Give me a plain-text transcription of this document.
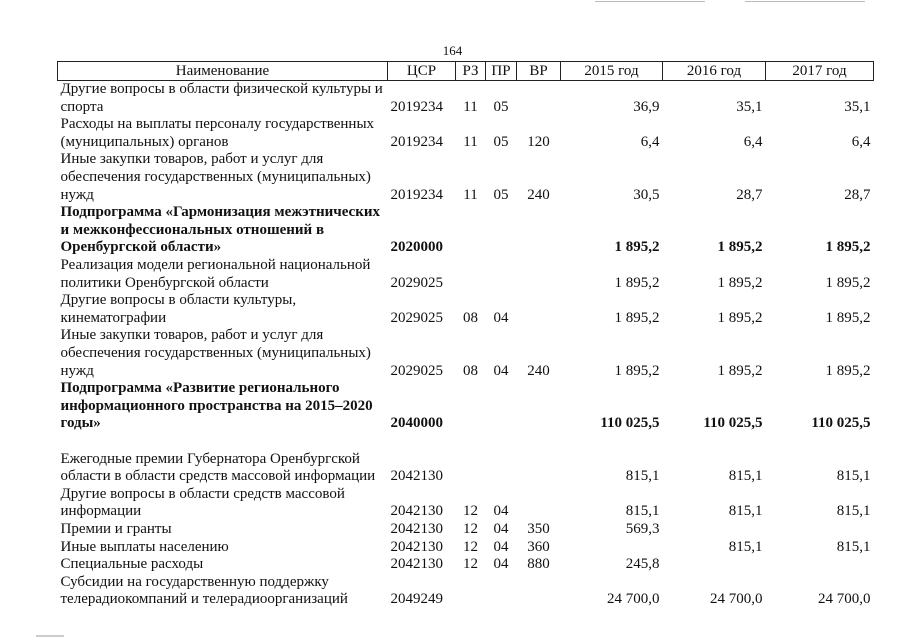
164
Наименование	ЦСР	РЗ	ПР	ВР	2015 год	2016 год	2017 год
Другие вопросы в области физической культуры и спорта	2019234	11	05		36,9	35,1	35,1
Расходы на выплаты персоналу государственных (муниципальных) органов	2019234	11	05	120	6,4	6,4	6,4
Иные закупки товаров, работ и услуг для обеспечения государственных (муниципальных) нужд	2019234	11	05	240	30,5	28,7	28,7
Подпрограмма «Гармонизация межэтнических и межконфессиональных отношений в Оренбургской области»	2020000				1 895,2	1 895,2	1 895,2
Реализация модели региональной национальной политики Оренбургской области	2029025				1 895,2	1 895,2	1 895,2
Другие вопросы в области культуры, кинематографии	2029025	08	04		1 895,2	1 895,2	1 895,2
Иные закупки товаров, работ и услуг для обеспечения государственных (муниципальных) нужд	2029025	08	04	240	1 895,2	1 895,2	1 895,2
Подпрограмма «Развитие регионального информационного пространства на 2015–2020 годы»	2040000				110 025,5	110 025,5	110 025,5
Ежегодные премии Губернатора Оренбургской области в области средств массовой информации	2042130				815,1	815,1	815,1
Другие вопросы в области средств массовой информации	2042130	12	04		815,1	815,1	815,1
Премии и гранты	2042130	12	04	350	569,3		
Иные выплаты населению	2042130	12	04	360		815,1	815,1
Специальные расходы	2042130	12	04	880	245,8		
Субсидии на государственную поддержку телерадиокомпаний и телерадиоорганизаций	2049249				24 700,0	24 700,0	24 700,0
